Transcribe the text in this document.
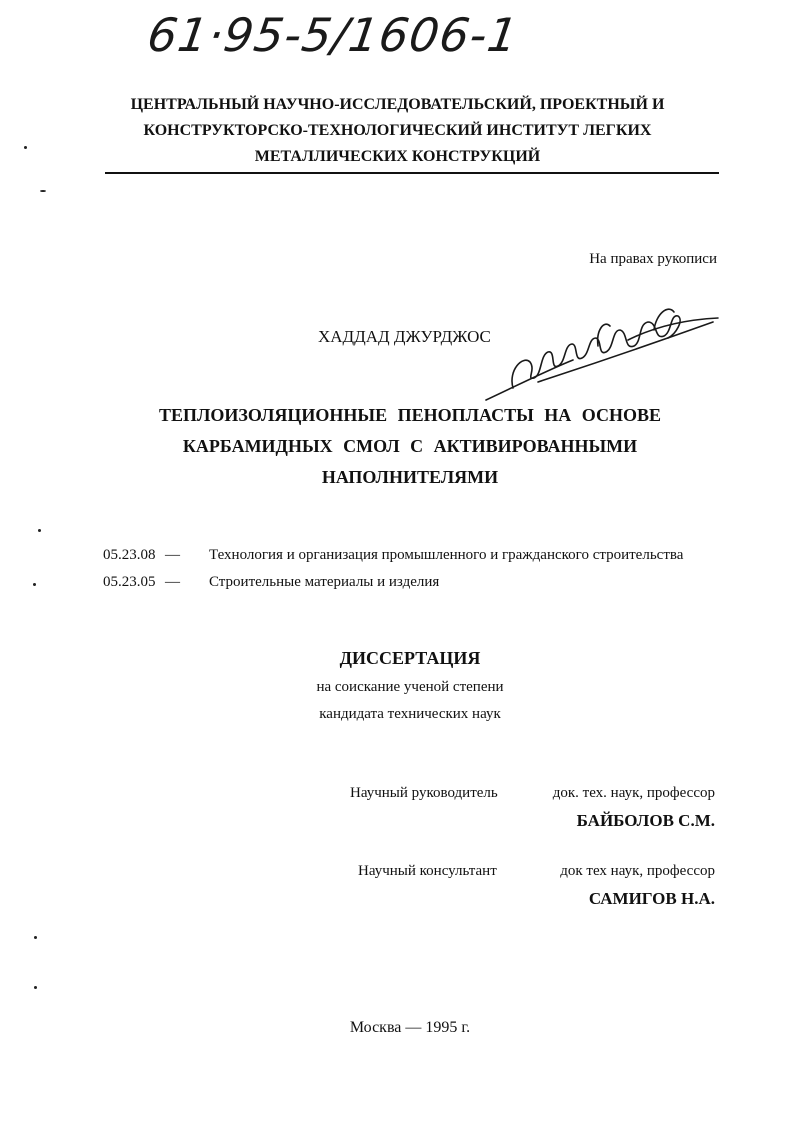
61·95-5/1606-1
ЦЕНТРАЛЬНЫЙ НАУЧНО-ИССЛЕДОВАТЕЛЬСКИЙ, ПРОЕКТНЫЙ И
КОНСТРУКТОРСКО-ТЕХНОЛОГИЧЕСКИЙ ИНСТИТУТ ЛЕГКИХ
МЕТАЛЛИЧЕСКИХ КОНСТРУКЦИЙ
На правах рукописи
ХАДДАД ДЖУРДЖОС
ТЕПЛОИЗОЛЯЦИОННЫЕ ПЕНОПЛАСТЫ НА ОСНОВЕ
КАРБАМИДНЫХ СМОЛ С АКТИВИРОВАННЫМИ
НАПОЛНИТЕЛЯМИ
05.23.08 — Технология и организация промышленного и гражданского строительства
05.23.05 — Строительные материалы и изделия
ДИССЕРТАЦИЯ
на соискание ученой степени
кандидата технических наук
Научный руководитель	док. тех. наук, профессор
БАЙБОЛОВ С.М.
Научный консультант	док тех наук, профессор
САМИГОВ Н.А.
Москва — 1995 г.
